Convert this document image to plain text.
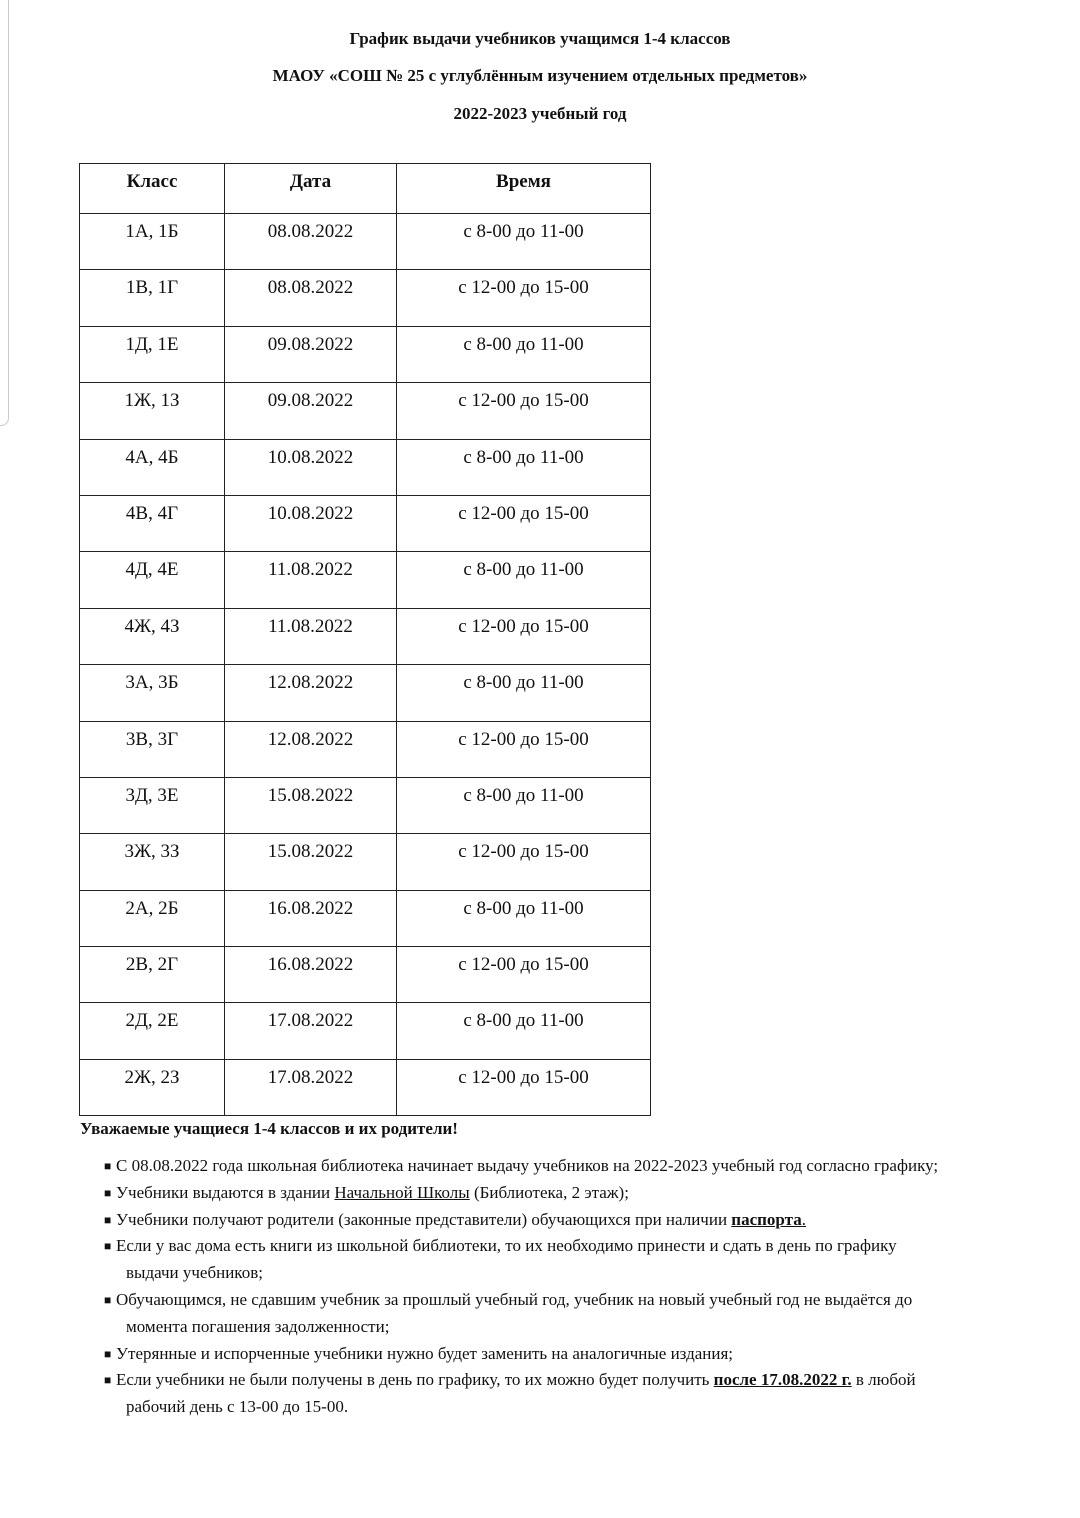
График выдачи учебников учащимся 1-4 классов
МАОУ «СОШ № 25 с углублённым изучением отдельных предметов»
2022-2023 учебный год
Класс	Дата	Время
1А, 1Б	08.08.2022	с 8-00 до 11-00
1В, 1Г	08.08.2022	с 12-00 до 15-00
1Д, 1Е	09.08.2022	с 8-00 до 11-00
1Ж, 1З	09.08.2022	с 12-00 до 15-00
4А, 4Б	10.08.2022	с 8-00 до 11-00
4В, 4Г	10.08.2022	с 12-00 до 15-00
4Д, 4Е	11.08.2022	с 8-00 до 11-00
4Ж, 4З	11.08.2022	с 12-00 до 15-00
3А, 3Б	12.08.2022	с 8-00 до 11-00
3В, 3Г	12.08.2022	с 12-00 до 15-00
3Д, 3Е	15.08.2022	с 8-00 до 11-00
3Ж, 3З	15.08.2022	с 12-00 до 15-00
2А, 2Б	16.08.2022	с 8-00 до 11-00
2В, 2Г	16.08.2022	с 12-00 до 15-00
2Д, 2Е	17.08.2022	с 8-00 до 11-00
2Ж, 2З	17.08.2022	с 12-00 до 15-00
Уважаемые учащиеся 1-4 классов и их родители!
■ С 08.08.2022 года школьная библиотека начинает выдачу учебников на 2022-2023 учебный год согласно графику;
■ Учебники выдаются в здании Начальной Школы (Библиотека, 2 этаж);
■ Учебники получают родители (законные представители) обучающихся при наличии паспорта.
■ Если у вас дома есть книги из школьной библиотеки, то их необходимо принести и сдать в день по графику
выдачи учебников;
■ Обучающимся, не сдавшим учебник за прошлый учебный год, учебник на новый учебный год не выдаётся до
момента погашения задолженности;
■ Утерянные и испорченные учебники нужно будет заменить на аналогичные издания;
■ Если учебники не были получены в день по графику, то их можно будет получить после 17.08.2022 г. в любой
рабочий день с 13-00 до 15-00.
